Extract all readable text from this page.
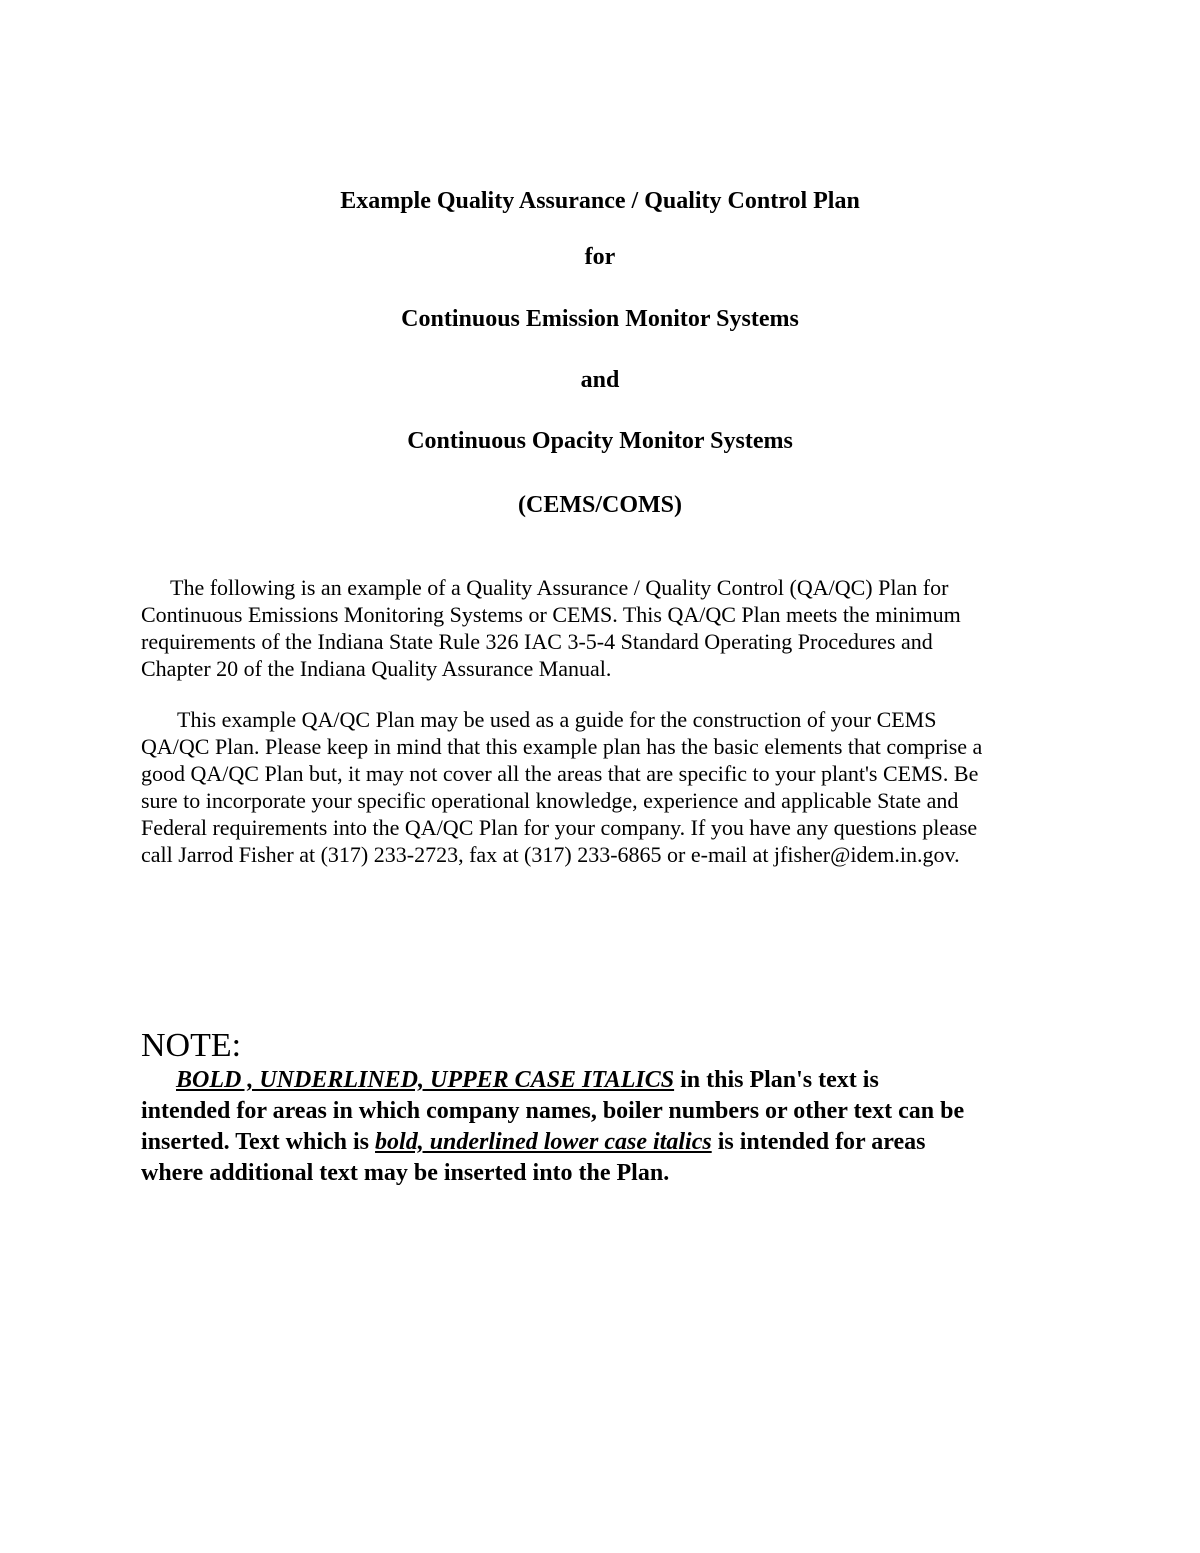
Example Quality Assurance / Quality Control Plan
for
Continuous Emission Monitor Systems
and
Continuous Opacity Monitor Systems
(CEMS/COMS)
The following is an example of a Quality Assurance / Quality Control (QA/QC) Plan for
Continuous Emissions Monitoring Systems or CEMS. This QA/QC Plan meets the minimum
requirements of the Indiana State Rule 326 IAC 3-5-4 Standard Operating Procedures and
Chapter 20 of the Indiana Quality Assurance Manual.
This example QA/QC Plan may be used as a guide for the construction of your CEMS
QA/QC Plan. Please keep in mind that this example plan has the basic elements that comprise a
good QA/QC Plan but, it may not cover all the areas that are specific to your plant's CEMS. Be
sure to incorporate your specific operational knowledge, experience and applicable State and
Federal requirements into the QA/QC Plan for your company. If you have any questions please
call Jarrod Fisher at (317) 233-2723, fax at (317) 233-6865 or e-mail at jfisher@idem.in.gov.
NOTE:
BOLD , UNDERLINED, UPPER CASE ITALICS in this Plan's text is
intended for areas in which company names, boiler numbers or other text can be
inserted. Text which is bold, underlined lower case italics is intended for areas
where additional text may be inserted into the Plan.
